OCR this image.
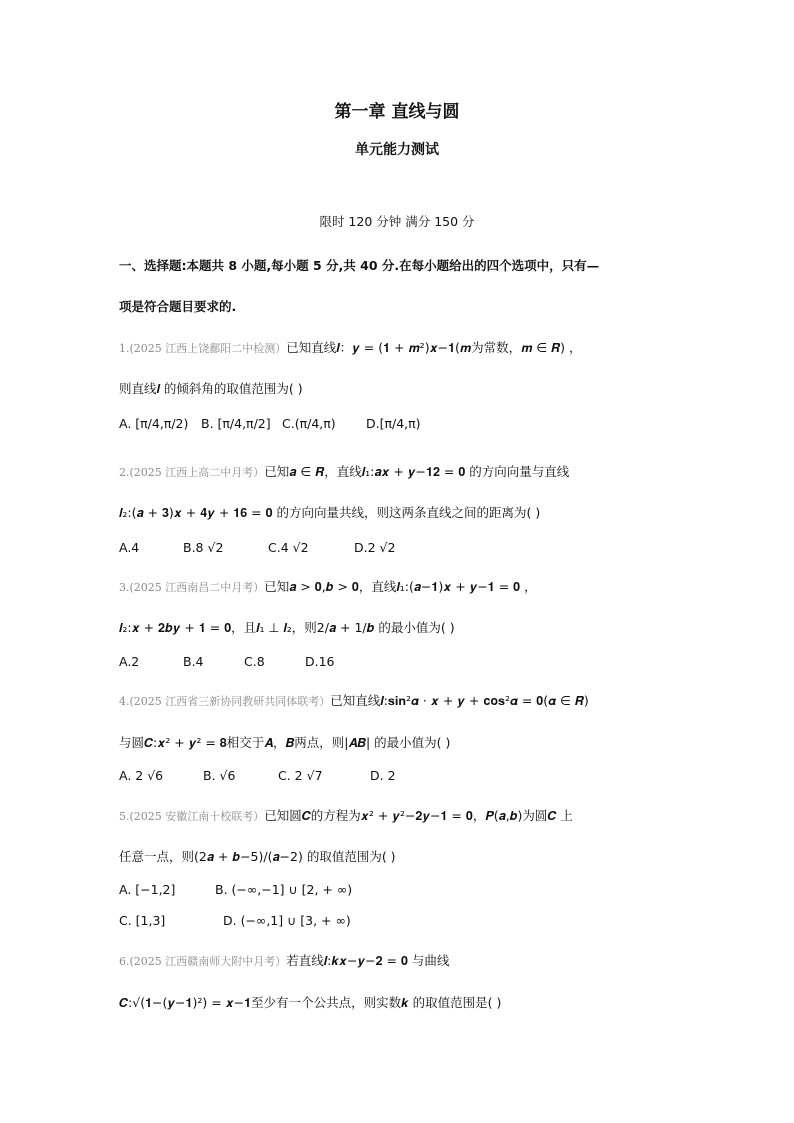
第一章 直线与圆
单元能力测试
限时 120 分钟 满分 150 分
一、选择题:本题共 8 小题,每小题 5 分,共 40 分.在每小题给出的四个选项中，只有—
项是符合题目要求的.
1.(2025 江西上饶鄱阳二中检测）已知直线𝒍：𝒚 = (𝟏 + 𝒎²)𝒙−𝟏(𝒎为常数，𝒎 ∈ 𝑹) ，
则直线𝒍 的倾斜角的取值范围为( )
A. [π/4,π/2) B. [π/4,π/2] C.(π/4,π) D.[π/4,π)
2.(2025 江西上高二中月考）已知𝒂 ∈ 𝑹，直线𝒍₁:𝒂𝒙 + 𝒚−𝟏𝟐 = 𝟎 的方向向量与直线
𝒍₂:(𝒂 + 𝟑)𝒙 + 𝟒𝒚 + 𝟏𝟔 = 𝟎 的方向向量共线，则这两条直线之间的距离为( )
A.4	B.8 √2	C.4 √2	D.2 √2
3.(2025 江西南昌二中月考）已知𝒂 > 𝟎,𝒃 > 𝟎，直线𝒍₁:(𝒂−𝟏)𝒙 + 𝒚−𝟏 = 𝟎 ，
𝒍₂:𝒙 + 𝟐𝒃𝒚 + 𝟏 = 𝟎，且𝒍₁ ⊥ 𝒍₂，则2/𝒂 + 1/𝒃 的最小值为( )
A.2	B.4	C.8	D.16
4.(2025 江西省三新协同教研共同体联考）已知直线𝒍:𝐬𝐢𝐧²𝜶 ⋅ 𝒙 + 𝒚 + 𝐜𝐨𝐬²𝜶 = 𝟎(𝜶 ∈ 𝑹)
与圆𝑪:𝒙² + 𝒚² = 𝟖相交于𝑨，𝑩两点，则|𝑨𝑩| 的最小值为( )
A. 2 √6	B. √6	C. 2 √7	D. 2
5.(2025 安徽江南十校联考）已知圆𝑪的方程为𝒙² + 𝒚²−𝟐𝒚−𝟏 = 𝟎，𝑷(𝒂,𝒃)为圆𝑪 上
任意一点，则(2𝒂 + 𝒃−5)/(𝒂−2) 的取值范围为( )
A. [−1,2]	B. (−∞,−1] ∪ [2, + ∞)
C. [1,3]	D. (−∞,1] ∪ [3, + ∞)
6.(2025 江西赣南师大附中月考）若直线𝒍:𝒌𝒙−𝒚−𝟐 = 𝟎 与曲线
𝑪:√(𝟏−(𝒚−𝟏)²) = 𝒙−𝟏至少有一个公共点，则实数𝒌 的取值范围是( )
